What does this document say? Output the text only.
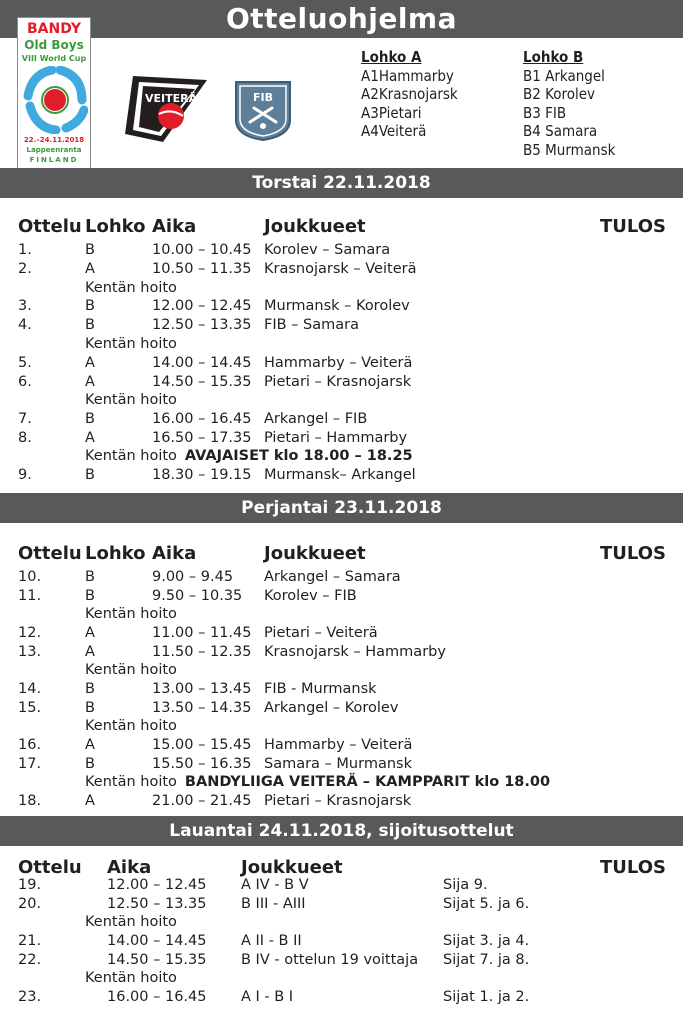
Otteluohjelma
BANDY
Old Boys
VIII World Cup
22.–24.11.2018
Lappeenranta
FINLAND
VEITERÄ	FIB
Lohko A
A1Hammarby
A2Krasnojarsk
A3Pietari
A4Veiterä
Lohko B
B1 Arkangel
B2 Korolev
B3 FIB
B4 Samara
B5 Murmansk
Torstai 22.11.2018
Ottelu Lohko Aika	Joukkueet	TULOS
1.	B	10.00 – 10.45 Korolev – Samara
2.	A	10.50 – 11.35 Krasnojarsk – Veiterä
Kentän hoito
3.	B	12.00 – 12.45 Murmansk – Korolev
4.	B	12.50 – 13.35 FIB – Samara
Kentän hoito
5.	A	14.00 – 14.45 Hammarby – Veiterä
6.	A	14.50 – 15.35 Pietari – Krasnojarsk
Kentän hoito
7.	B	16.00 – 16.45 Arkangel – FIB
8.	A	16.50 – 17.35 Pietari – Hammarby
Kentän hoito AVAJAISET klo 18.00 – 18.25
9.	B	18.30 – 19.15 Murmansk– Arkangel
Perjantai 23.11.2018
Ottelu Lohko Aika	Joukkueet	TULOS
10.	B	9.00 – 9.45 Arkangel – Samara
11.	B	9.50 – 10.35 Korolev – FIB
Kentän hoito
12.	A	11.00 – 11.45 Pietari – Veiterä
13.	A	11.50 – 12.35 Krasnojarsk – Hammarby
Kentän hoito
14.	B	13.00 – 13.45 FIB - Murmansk
15.	B	13.50 – 14.35 Arkangel – Korolev
Kentän hoito
16.	A	15.00 – 15.45 Hammarby – Veiterä
17.	B	15.50 – 16.35 Samara – Murmansk
Kentän hoito BANDYLIIGA VEITERÄ – KAMPPARIT klo 18.00
18.	A	21.00 – 21.45 Pietari – Krasnojarsk
Lauantai 24.11.2018, sijoitusottelut
Ottelu Aika	Joukkueet	TULOS
19.	12.00 – 12.45 A IV - B V	Sija 9.
20.	12.50 – 13.35 B III - AIII	Sijat 5. ja 6.
Kentän hoito
21.	14.00 – 14.45 A II - B II	Sijat 3. ja 4.
22.	14.50 – 15.35 B IV - ottelun 19 voittaja Sijat 7. ja 8.
Kentän hoito
23.	16.00 – 16.45 A I - B I	Sijat 1. ja 2.
